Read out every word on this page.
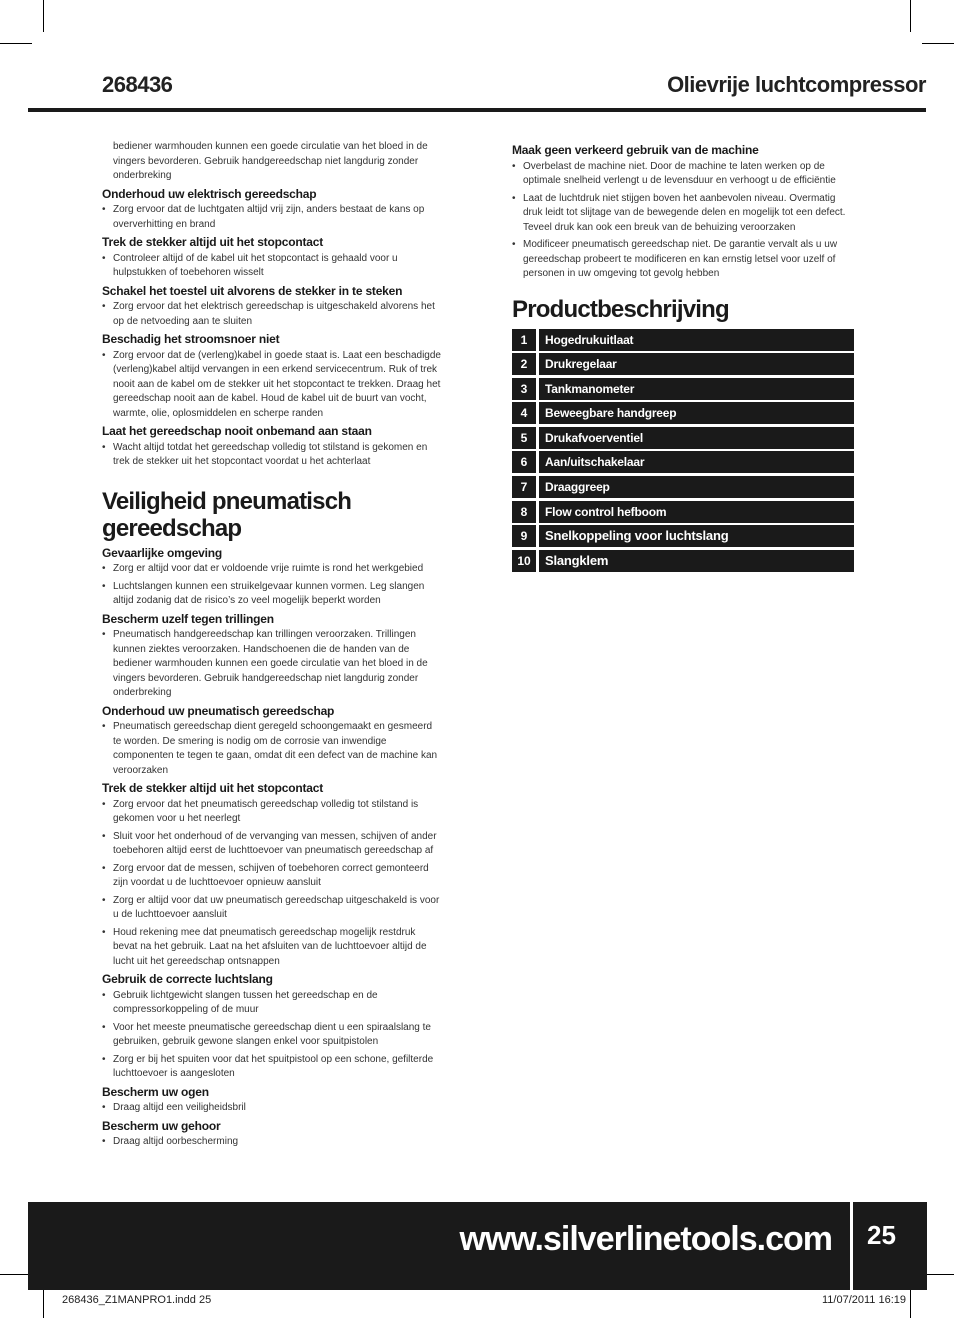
268436	Olievrije luchtcompressor
bediener warmhouden kunnen een goede circulatie van het bloed in de vingers bevorderen. Gebruik handgereedschap niet langdurig zonder onderbreking
Onderhoud uw elektrisch gereedschap
• Zorg ervoor dat de luchtgaten altijd vrij zijn, anders bestaat de kans op oververhitting en brand
Trek de stekker altijd uit het stopcontact
• Controleer altijd of de kabel uit het stopcontact is gehaald voor u hulpstukken of toebehoren wisselt
Schakel het toestel uit alvorens de stekker in te steken
• Zorg ervoor dat het elektrisch gereedschap is uitgeschakeld alvorens het op de netvoeding aan te sluiten
Beschadig het stroomsnoer niet
• Zorg ervoor dat de (verleng)kabel in goede staat is. Laat een beschadigde (verleng)kabel altijd vervangen in een erkend servicecentrum. Ruk of trek nooit aan de kabel om de stekker uit het stopcontact te trekken. Draag het gereedschap nooit aan de kabel. Houd de kabel uit de buurt van vocht, warmte, olie, oplosmiddelen en scherpe randen
Laat het gereedschap nooit onbemand aan staan
• Wacht altijd totdat het gereedschap volledig tot stilstand is gekomen en trek de stekker uit het stopcontact voordat u het achterlaat
Veiligheid pneumatisch gereedschap
Gevaarlijke omgeving
• Zorg er altijd voor dat er voldoende vrije ruimte is rond het werkgebied
• Luchtslangen kunnen een struikelgevaar kunnen vormen. Leg slangen altijd zodanig dat de risico’s zo veel mogelijk beperkt worden
Bescherm uzelf tegen trillingen
• Pneumatisch handgereedschap kan trillingen veroorzaken. Trillingen kunnen ziektes veroorzaken. Handschoenen die de handen van de bediener warmhouden kunnen een goede circulatie van het bloed in de vingers bevorderen. Gebruik handgereedschap niet langdurig zonder onderbreking
Onderhoud uw pneumatisch gereedschap
• Pneumatisch gereedschap dient geregeld schoongemaakt en gesmeerd te worden. De smering is nodig om de corrosie van inwendige componenten te tegen te gaan, omdat dit een defect van de machine kan veroorzaken
Trek de stekker altijd uit het stopcontact
• Zorg ervoor dat het pneumatisch gereedschap volledig tot stilstand is gekomen voor u het neerlegt
• Sluit voor het onderhoud of de vervanging van messen, schijven of ander toebehoren altijd eerst de luchttoevoer van pneumatisch gereedschap af
• Zorg ervoor dat de messen, schijven of toebehoren correct gemonteerd zijn voordat u de luchttoevoer opnieuw aansluit
• Zorg er altijd voor dat uw pneumatisch gereedschap uitgeschakeld is voor u de luchttoevoer aansluit
• Houd rekening mee dat pneumatisch gereedschap mogelijk restdruk bevat na het gebruik. Laat na het afsluiten van de luchttoevoer altijd de lucht uit het gereedschap ontsnappen
Gebruik de correcte luchtslang
• Gebruik lichtgewicht slangen tussen het gereedschap en de compressorkoppeling of de muur
• Voor het meeste pneumatische gereedschap dient u een spiraalslang te gebruiken, gebruik gewone slangen enkel voor spuitpistolen
• Zorg er bij het spuiten voor dat het spuitpistool op een schone, gefilterde luchttoevoer is aangesloten
Bescherm uw ogen
• Draag altijd een veiligheidsbril
Bescherm uw gehoor
• Draag altijd oorbescherming
Maak geen verkeerd gebruik van de machine
• Overbelast de machine niet. Door de machine te laten werken op de optimale snelheid verlengt u de levensduur en verhoogt u de efficiëntie
• Laat de luchtdruk niet stijgen boven het aanbevolen niveau. Overmatig druk leidt tot slijtage van de bewegende delen en mogelijk tot een defect. Teveel druk kan ook een breuk van de behuizing veroorzaken
• Modificeer pneumatisch gereedschap niet. De garantie vervalt als u uw gereedschap probeert te modificeren en kan ernstig letsel voor uzelf of personen in uw omgeving tot gevolg hebben
Productbeschrijving
1	Hogedrukuitlaat
2	Drukregelaar
3	Tankmanometer
4	Beweegbare handgreep
5	Drukafvoerventiel
6	Aan/uitschakelaar
7	Draaggreep
8	Flow control hefboom
9	Snelkoppeling voor luchtslang
10	Slangklem
www.silverlinetools.com 25
268436_Z1MANPRO1.indd 25	11/07/2011 16:19
